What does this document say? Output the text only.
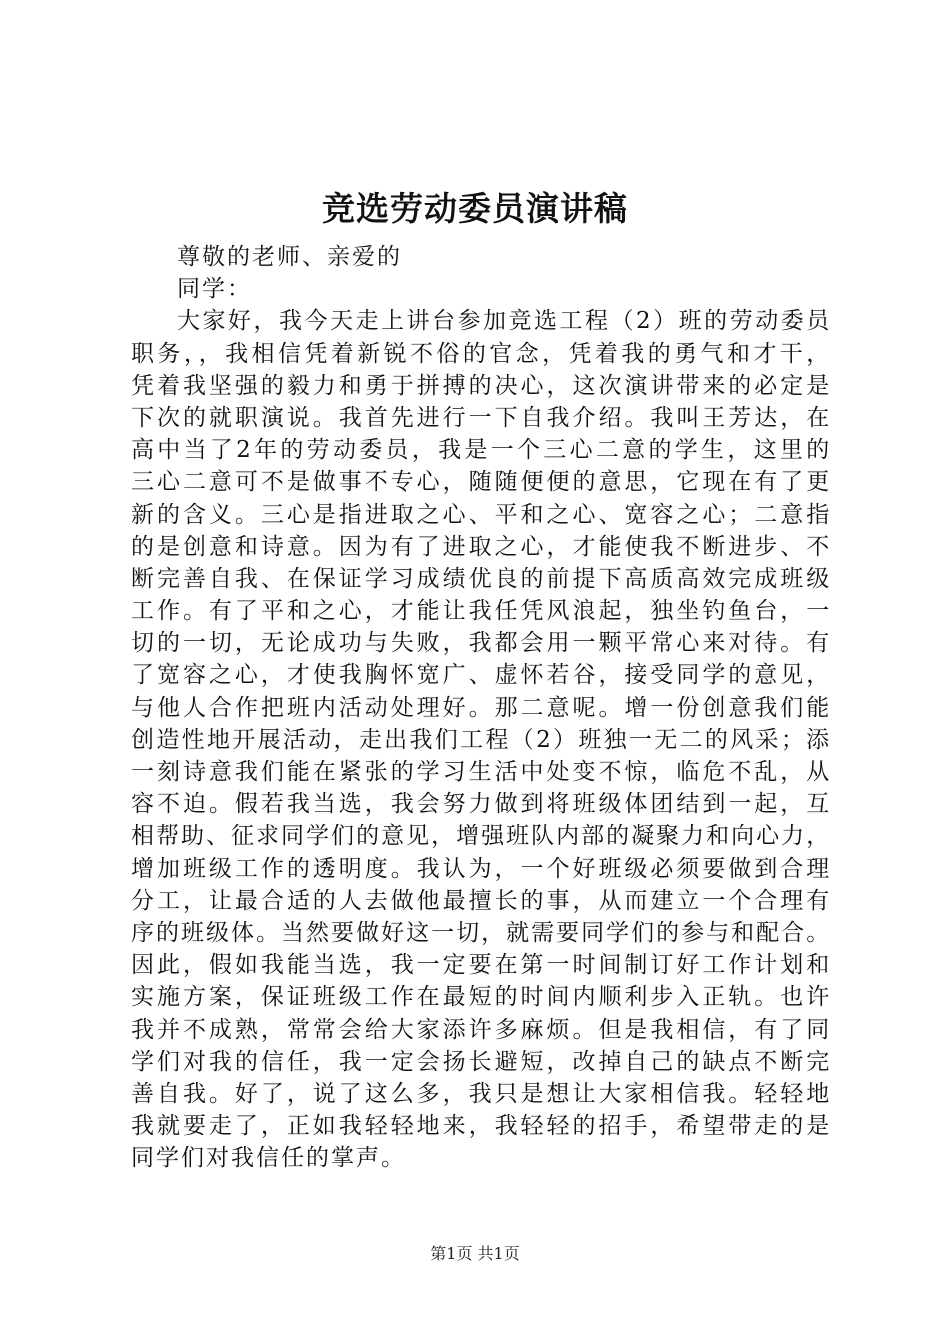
竞选劳动委员演讲稿
尊敬的老师、亲爱的
同学：
大家好，我今天走上讲台参加竞选工程（2）班的劳动委员
职务，，我相信凭着新锐不俗的官念，凭着我的勇气和才干，
凭着我坚强的毅力和勇于拼搏的决心，这次演讲带来的必定是
下次的就职演说。我首先进行一下自我介绍。我叫王芳达，在
高中当了2年的劳动委员，我是一个三心二意的学生，这里的
三心二意可不是做事不专心，随随便便的意思，它现在有了更
新的含义。三心是指进取之心、平和之心、宽容之心；二意指
的是创意和诗意。因为有了进取之心，才能使我不断进步、不
断完善自我、在保证学习成绩优良的前提下高质高效完成班级
工作。有了平和之心，才能让我任凭风浪起，独坐钓鱼台，一
切的一切，无论成功与失败，我都会用一颗平常心来对待。有
了宽容之心，才使我胸怀宽广、虚怀若谷，接受同学的意见，
与他人合作把班内活动处理好。那二意呢。增一份创意我们能
创造性地开展活动，走出我们工程（2）班独一无二的风采；添
一刻诗意我们能在紧张的学习生活中处变不惊，临危不乱，从
容不迫。假若我当选，我会努力做到将班级体团结到一起，互
相帮助、征求同学们的意见，增强班队内部的凝聚力和向心力，
增加班级工作的透明度。我认为，一个好班级必须要做到合理
分工，让最合适的人去做他最擅长的事，从而建立一个合理有
序的班级体。当然要做好这一切，就需要同学们的参与和配合。
因此，假如我能当选，我一定要在第一时间制订好工作计划和
实施方案，保证班级工作在最短的时间内顺利步入正轨。也许
我并不成熟，常常会给大家添许多麻烦。但是我相信，有了同
学们对我的信任，我一定会扬长避短，改掉自己的缺点不断完
善自我。好了，说了这么多，我只是想让大家相信我。轻轻地
我就要走了，正如我轻轻地来，我轻轻的招手，希望带走的是
同学们对我信任的掌声。
第1页 共1页
